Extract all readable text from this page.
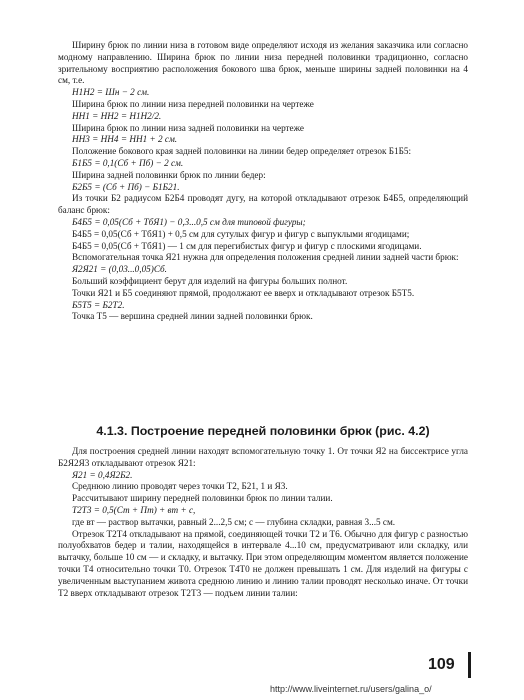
Ширину брюк по линии низа в готовом виде определяют исходя из желания заказчика или согласно модному направлению. Ширина брюк по линии низа передней половинки традиционно, согласно зрительному восприятию расположения бокового шва брюк, меньше ширины задней половинки на 4 см, т.е.
Н1Н2 = Шн − 2 см.
Ширина брюк по линии низа передней половинки на чертеже
НН1 = НН2 = Н1Н2/2.
Ширина брюк по линии низа задней половинки на чертеже
НН3 = НН4 = НН1 + 2 см.
Положение бокового края задней половинки на линии бедер определяет отрезок Б1Б5:
Б1Б5 = 0,1(Сб + Пб) − 2 см.
Ширина задней половинки брюк по линии бедер:
Б2Б5 = (Сб + Пб) − Б1Б21.
Из точки Б2 радиусом Б2Б4 проводят дугу, на которой откладывают отрезок Б4Б5, определяющий баланс брюк:
Б4Б5 = 0,05(Сб + ТбЯ1) − 0,3...0,5 см для типовой фигуры;
Б4Б5 = 0,05(Сб + ТбЯ1) + 0,5 см для сутулых фигур и фигур с выпуклыми ягодицами;
Б4Б5 = 0,05(Сб + ТбЯ1) — 1 см для перегибистых фигур и фигур с плоскими ягодицами.
Вспомогательная точка Я21 нужна для определения положения средней линии задней части брюк:
Я2Я21 = (0,03...0,05)Сб.
Больший коэффициент берут для изделий на фигуры больших полнот.
Точки Я21 и Б5 соединяют прямой, продолжают ее вверх и откладывают отрезок Б5Т5.
Б5Т5 = Б2Т2.
Точка Т5 — вершина средней линии задней половинки брюк.
4.1.3. Построение передней половинки брюк (рис. 4.2)
Для построения средней линии находят вспомогательную точку 1. От точки Я2 на биссектрисе угла Б2Я2Я3 откладывают отрезок Я21:
Я21 = 0,4Я2Б2.
Среднюю линию проводят через точки Т2, Б21, 1 и Я3.
Рассчитывают ширину передней половинки брюк по линии талии.
Т2Т3 = 0,5(Ст + Пт) + вт + с,
где вт — раствор вытачки, равный 2...2,5 см; с — глубина складки, равная 3...5 см.
Отрезок Т2Т4 откладывают на прямой, соединяющей точки Т2 и Т6. Обычно для фигур с разностью полуобхватов бедер и талии, находящейся в интервале 4...10 см, предусматривают или складку, или вытачку, больше 10 см — и складку, и вытачку. При этом определяющим моментом является положение точки Т4 относительно точки Т0. Отрезок Т4Т0 не должен превышать 1 см. Для изделий на фигуры с увеличенным выступанием живота среднюю линию и линию талии проводят несколько иначе. От точки Т2 вверх откладывают отрезок Т2Т3 — подъем линии талии:
109
http://www.liveinternet.ru/users/galina_o/
